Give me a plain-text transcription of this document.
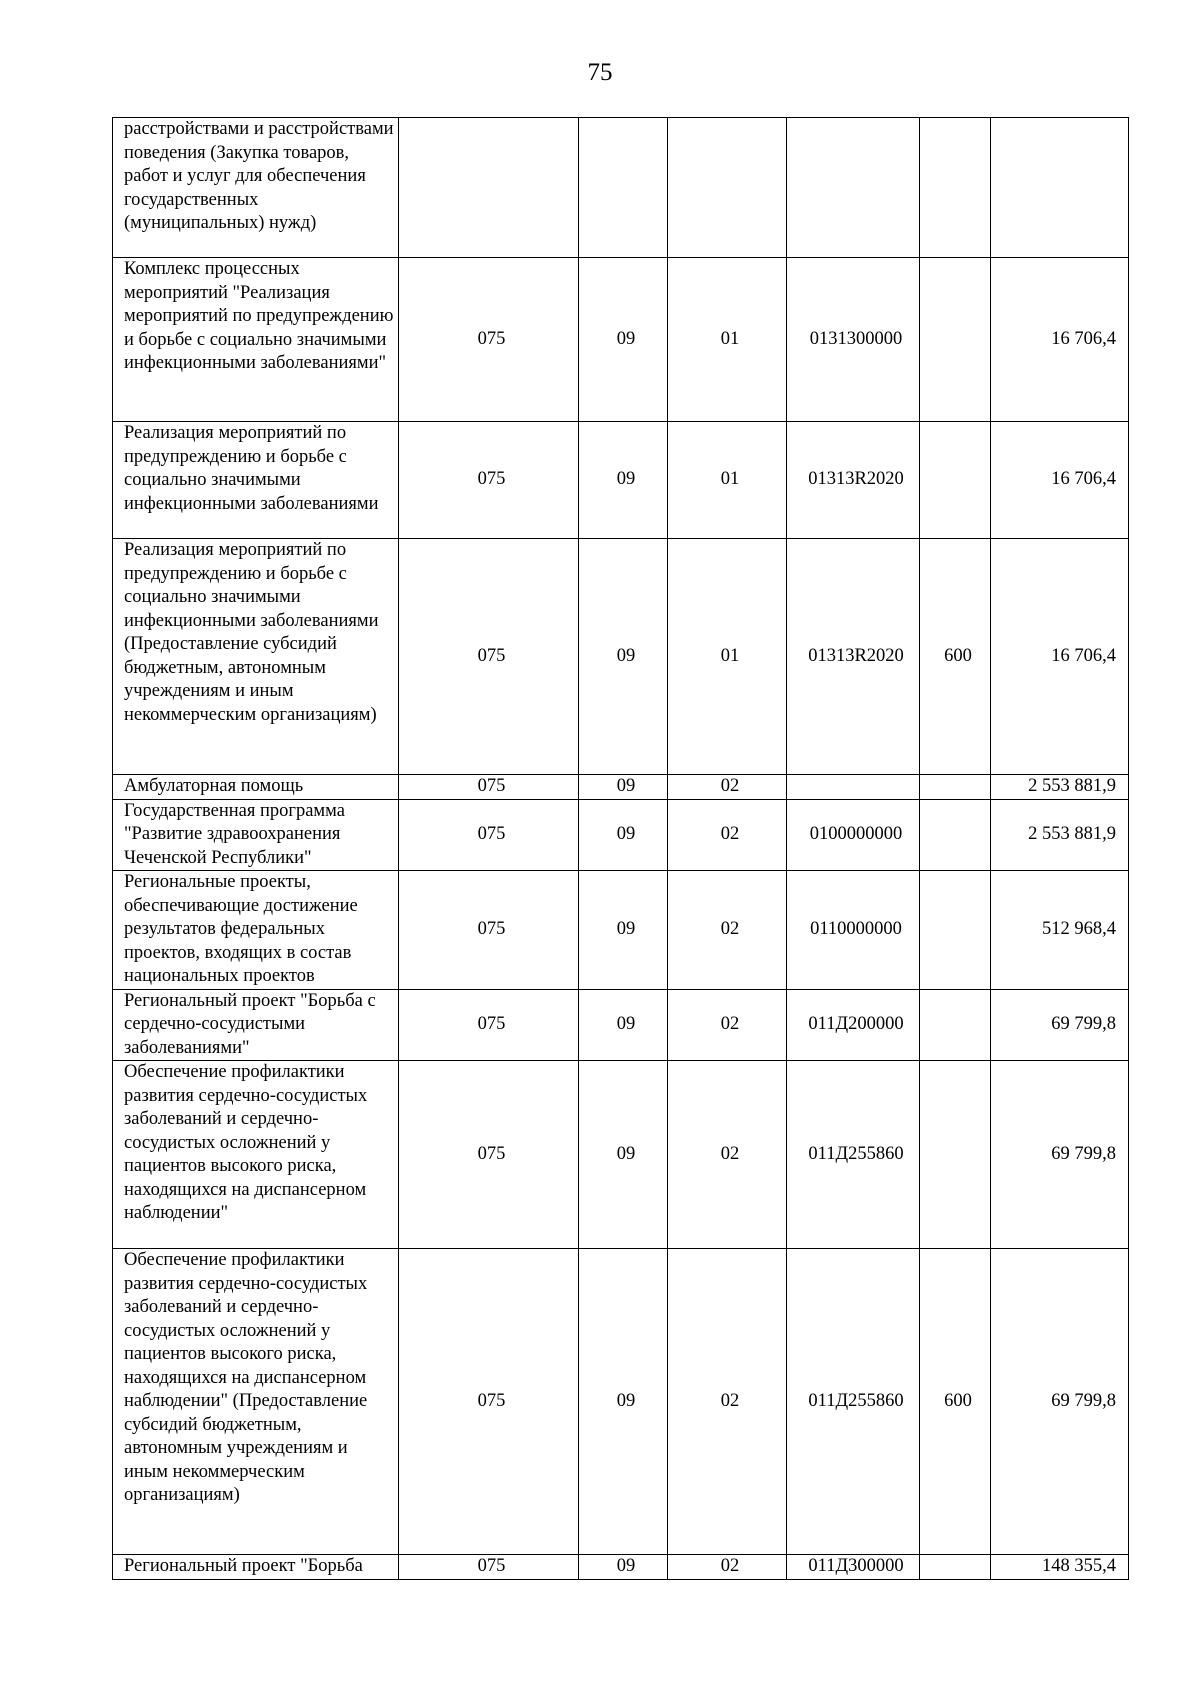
75
расстройствами и расстройствами поведения (Закупка товаров, работ и услуг для обеспечения государственных (муниципальных) нужд)						
Комплекс процессных мероприятий "Реализация мероприятий по предупреждению и борьбе с социально значимыми инфекционными заболеваниями"	075	09	01	0131300000		16 706,4
Реализация мероприятий по предупреждению и борьбе с социально значимыми инфекционными заболеваниями	075	09	01	01313R2020		16 706,4
Реализация мероприятий по предупреждению и борьбе с социально значимыми инфекционными заболеваниями (Предоставление субсидий бюджетным, автономным учреждениям и иным некоммерческим организациям)	075	09	01	01313R2020	600	16 706,4
Амбулаторная помощь	075	09	02			2 553 881,9
Государственная программа "Развитие здравоохранения Чеченской Республики"	075	09	02	0100000000		2 553 881,9
Региональные проекты, обеспечивающие достижение результатов федеральных проектов, входящих в состав национальных проектов	075	09	02	0110000000		512 968,4
Региональный проект "Борьба с сердечно-сосудистыми заболеваниями"	075	09	02	011Д200000		69 799,8
Обеспечение профилактики развития сердечно-сосудистых заболеваний и сердечно-сосудистых осложнений у пациентов высокого риска, находящихся на диспансерном наблюдении"	075	09	02	011Д255860		69 799,8
Обеспечение профилактики развития сердечно-сосудистых заболеваний и сердечно-сосудистых осложнений у пациентов высокого риска, находящихся на диспансерном наблюдении" (Предоставление субсидий бюджетным, автономным учреждениям и иным некоммерческим организациям)	075	09	02	011Д255860	600	69 799,8
Региональный проект "Борьба	075	09	02	011Д300000		148 355,4
